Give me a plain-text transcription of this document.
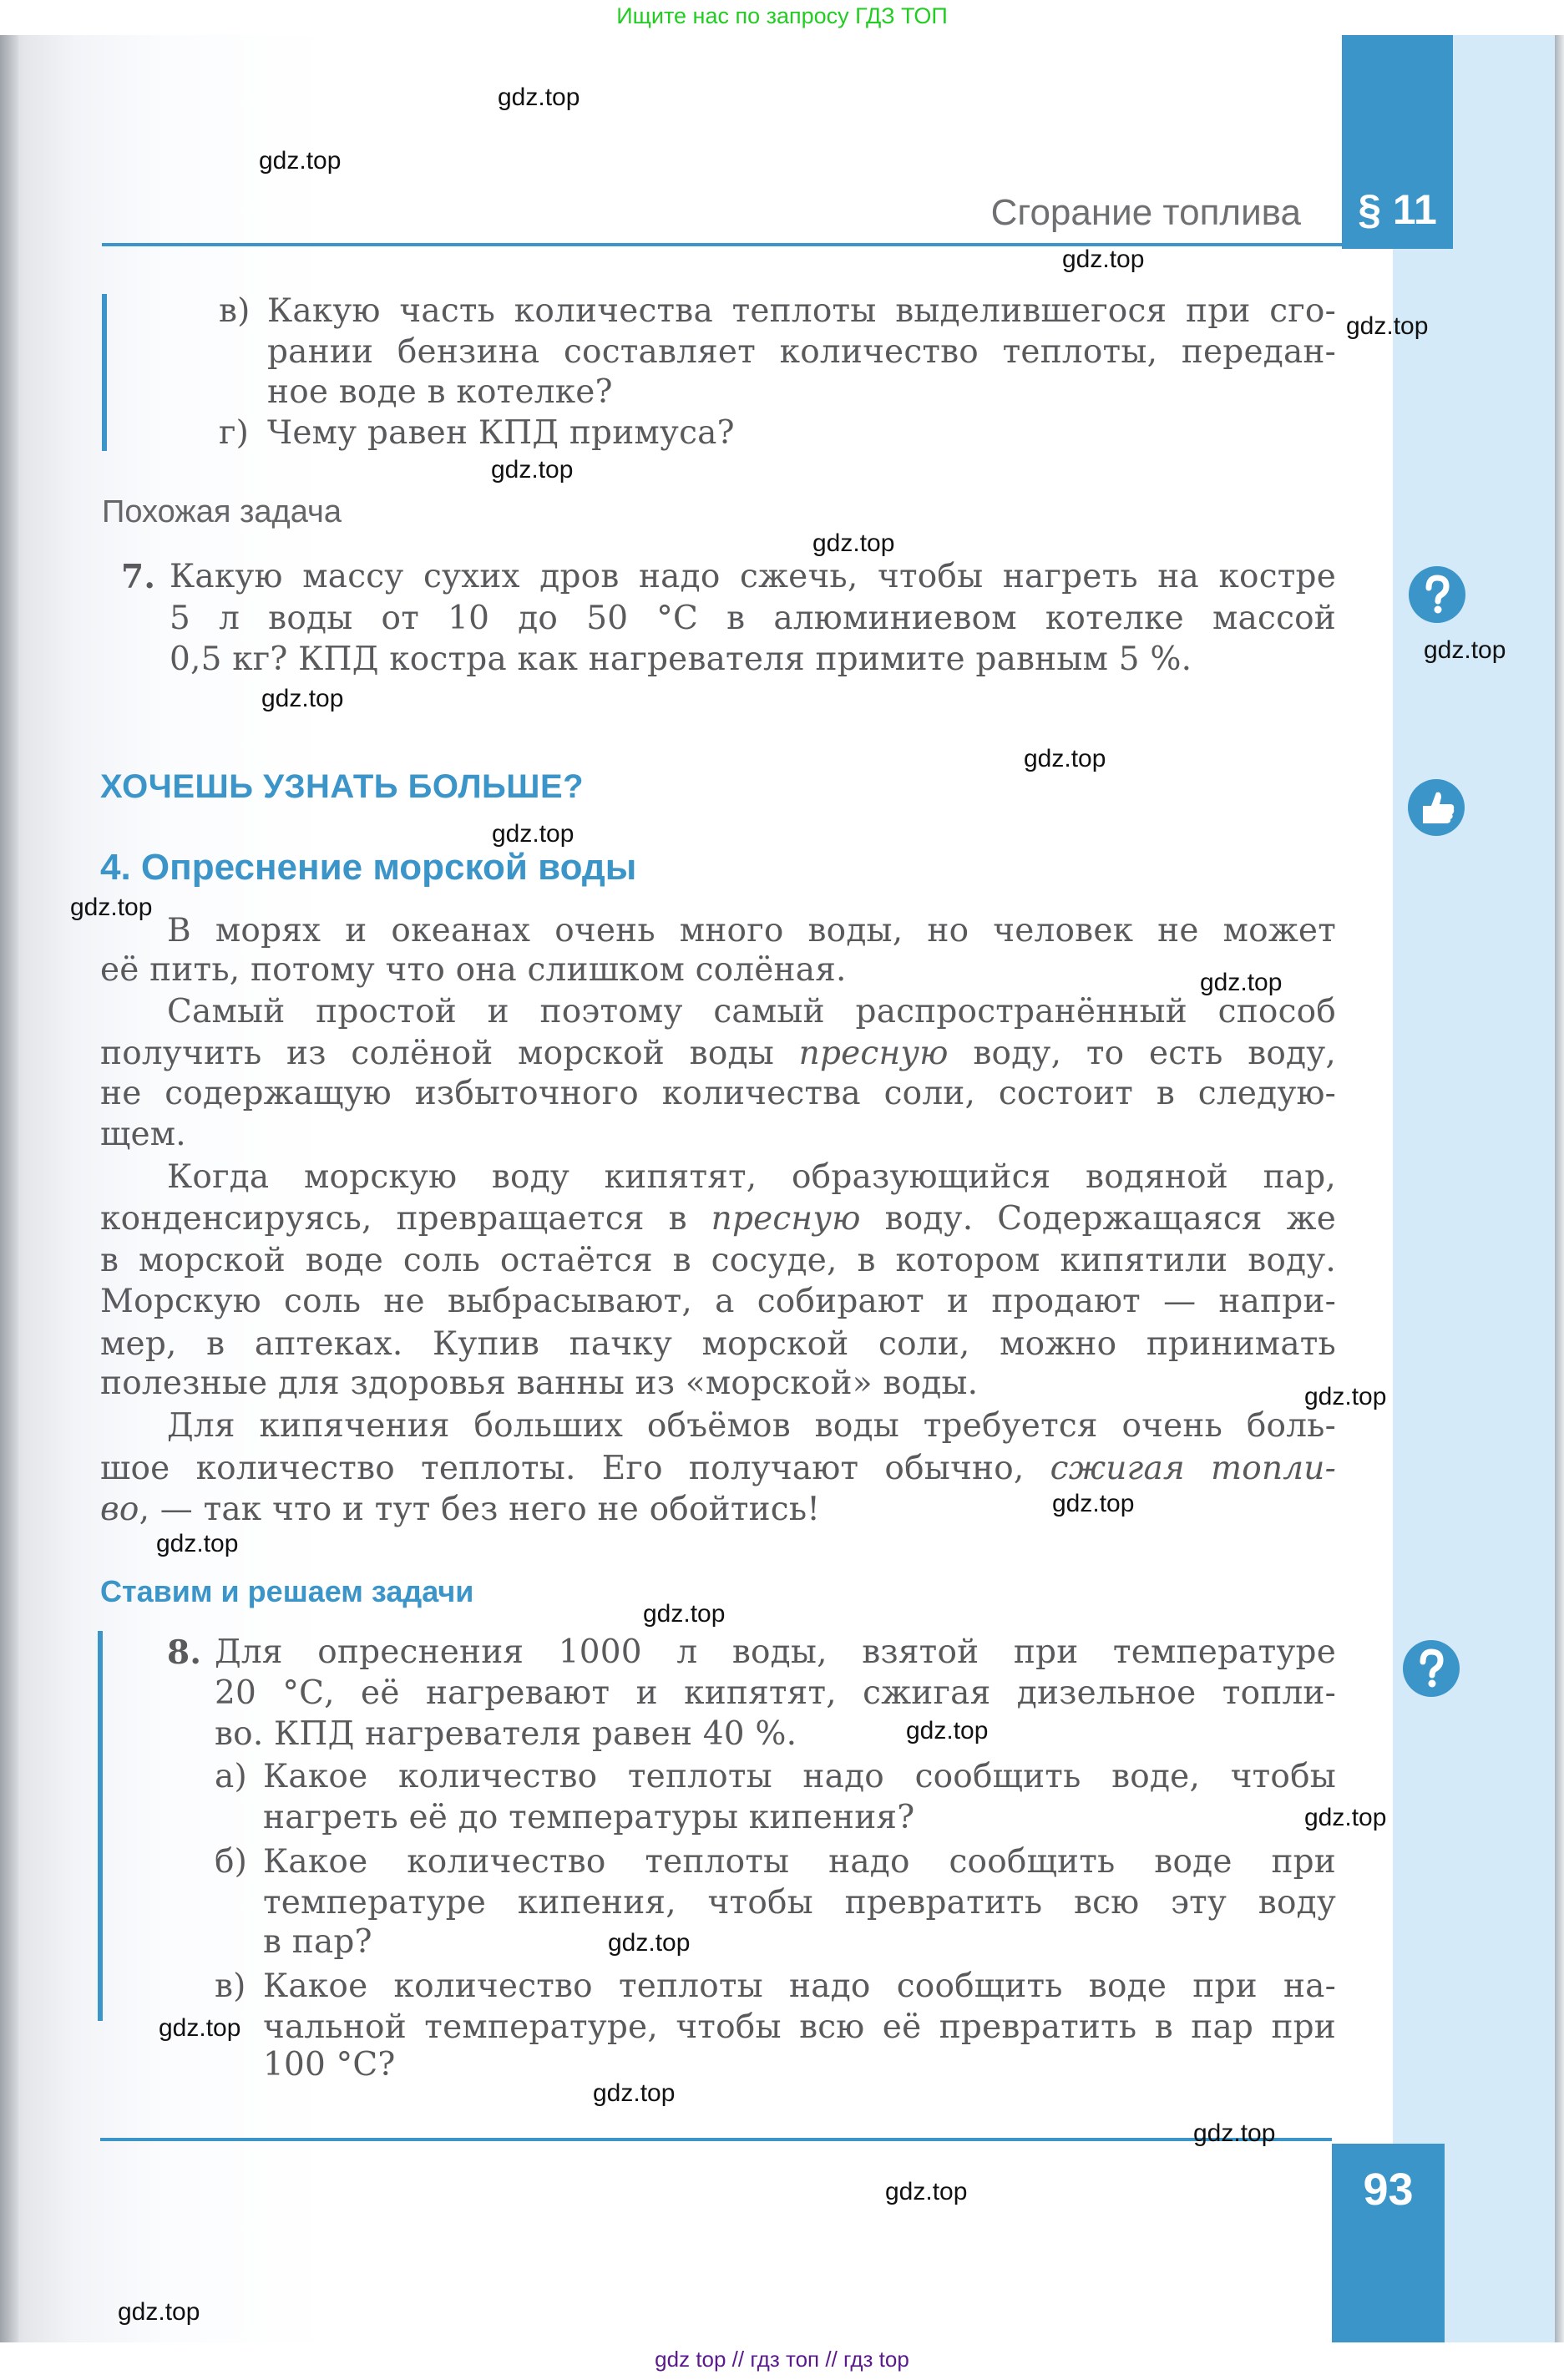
Ищите нас по запросу ГДЗ ТОП
§ 11
Сгорание топлива
в) Какую часть количества теплоты выделившегося при сго-
рании бензина составляет количество теплоты, передан-
ное воде в котелке?
г) Чему равен КПД примуса?
Похожая задача
7. Какую массу сухих дров надо сжечь, чтобы нагреть на костре
5 л воды от 10 до 50 °С в алюминиевом котелке массой
0,5 кг? КПД костра как нагревателя примите равным 5 %.
ХОЧЕШЬ УЗНАТЬ БОЛЬШЕ?
4. Опреснение морской воды
В морях и океанах очень много воды, но человек не может
её пить, потому что она слишком солёная.
Самый простой и поэтому самый распространённый способ
получить из солёной морской воды пресную воду, то есть воду,
не содержащую избыточного количества соли, состоит в следую-
щем.
Когда морскую воду кипятят, образующийся водяной пар,
конденсируясь, превращается в пресную воду. Содержащаяся же
в морской воде соль остаётся в сосуде, в котором кипятили воду.
Морскую соль не выбрасывают, а собирают и продают — напри-
мер, в аптеках. Купив пачку морской соли, можно принимать
полезные для здоровья ванны из «морской» воды.
Для кипячения больших объёмов воды требуется очень боль-
шое количество теплоты. Его получают обычно, сжигая топли-
во, — так что и тут без него не обойтись!
Ставим и решаем задачи
8. Для опреснения 1000 л воды, взятой при температуре
20 °С, её нагревают и кипятят, сжигая дизельное топли-
во. КПД нагревателя равен 40 %.
а) Какое количество теплоты надо сообщить воде, чтобы
нагреть её до температуры кипения?
б) Какое количество теплоты надо сообщить воде при
температуре кипения, чтобы превратить всю эту воду
в пар?
в) Какое количество теплоты надо сообщить воде при на-
чальной температуре, чтобы всю её превратить в пар при
100 °С?
93
gdz.top
gdz.top
gdz.top
gdz.top
gdz.top
gdz.top
gdz.top
gdz.top
gdz.top
gdz.top
gdz.top
gdz.top
gdz.top
gdz.top
gdz.top
gdz.top
gdz.top
gdz.top
gdz.top
gdz.top
gdz.top
gdz.top
gdz.top
gdz.top
gdz top // гдз топ // гдз top
